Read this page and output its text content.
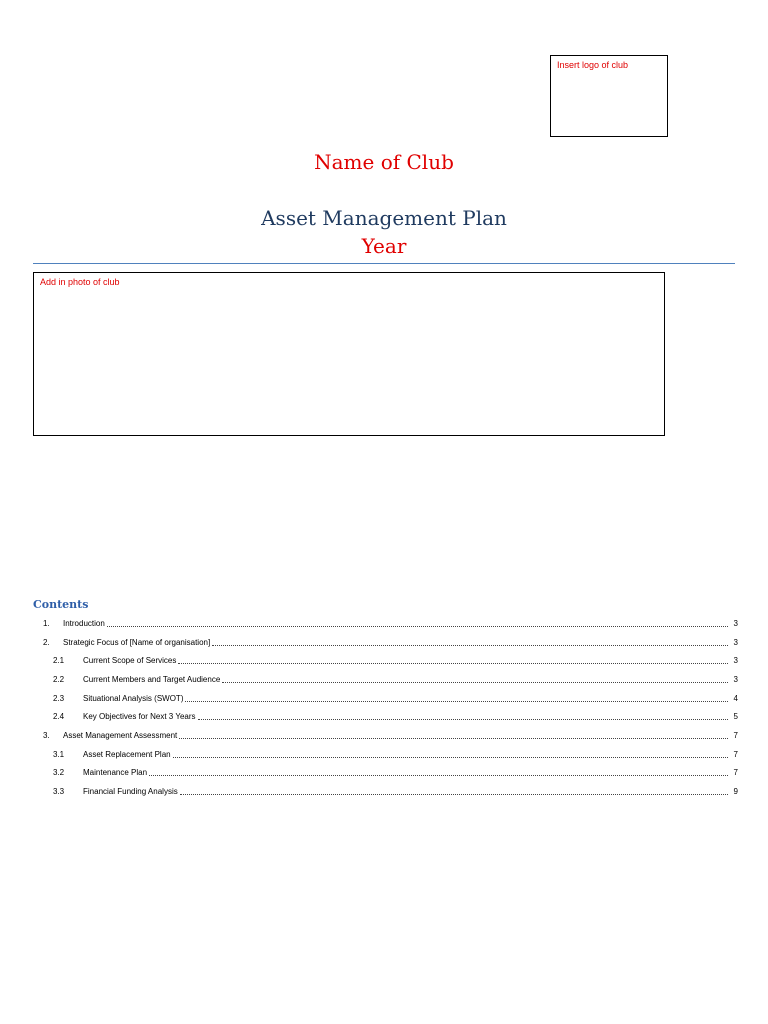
Insert logo of club
Name of Club
Asset Management Plan
Year
Add in photo of club
Contents
1.	Introduction	3
2.	Strategic Focus of [Name of organisation]	3
2.1	Current Scope of Services	3
2.2	Current Members and Target Audience	3
2.3	Situational Analysis (SWOT)	4
2.4	Key Objectives for Next 3 Years	5
3.	Asset Management Assessment	7
3.1	Asset Replacement Plan	7
3.2	Maintenance Plan	7
3.3	Financial Funding Analysis	9
